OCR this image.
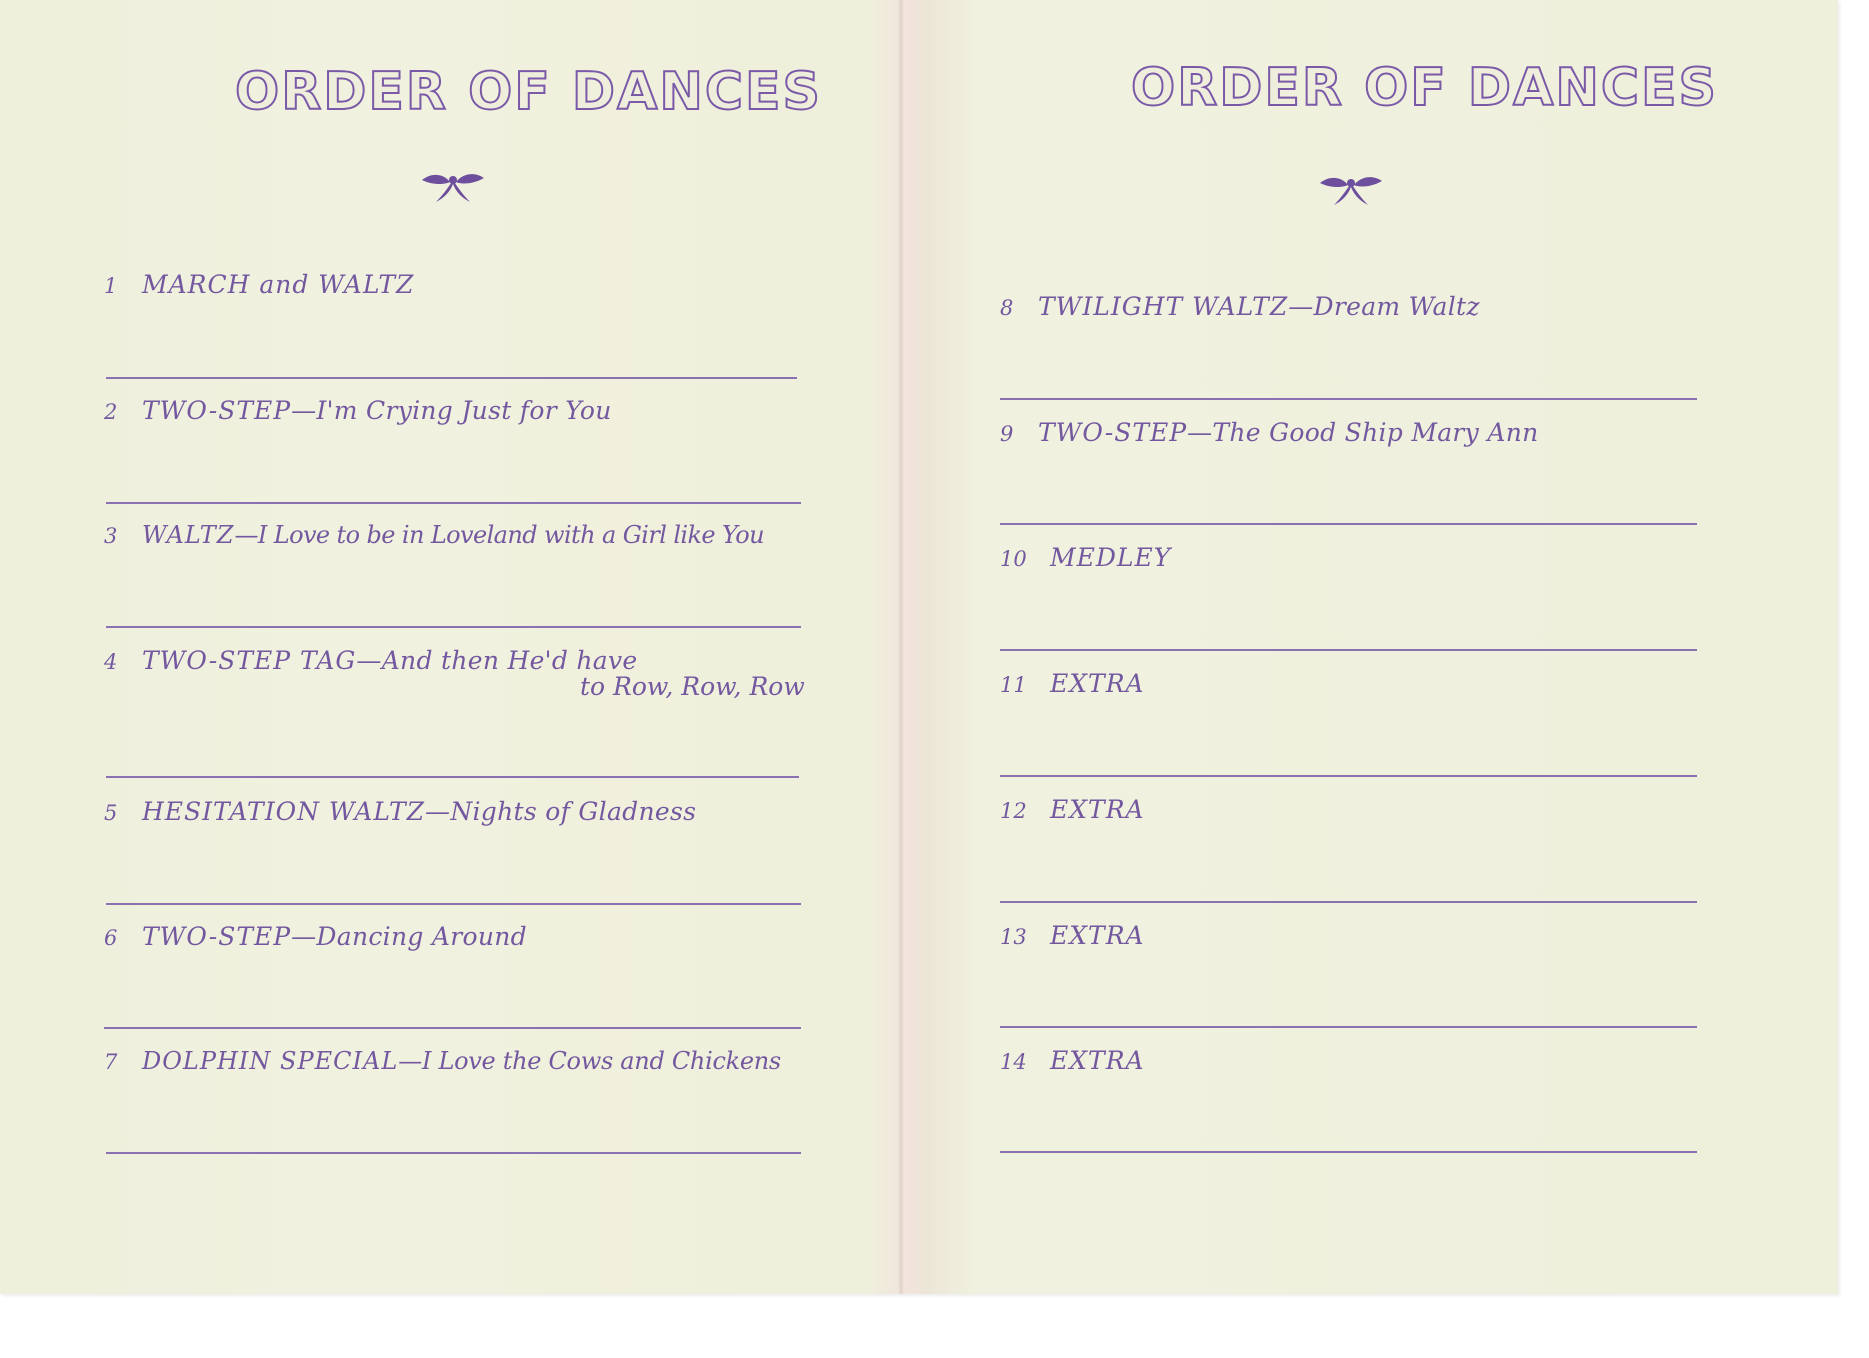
ORDER OF DANCES
1 MARCH and WALTZ
2 TWO-STEP—I'm Crying Just for You
3 WALTZ—I Love to be in Loveland with a Girl like You
4 TWO-STEP TAG—And then He'd have
to Row, Row, Row
5 HESITATION WALTZ—Nights of Gladness
6 TWO-STEP—Dancing Around
7 DOLPHIN SPECIAL—I Love the Cows and Chickens
ORDER OF DANCES
8 TWILIGHT WALTZ—Dream Waltz
9 TWO-STEP—The Good Ship Mary Ann
10 MEDLEY
11 EXTRA
12 EXTRA
13 EXTRA
14 EXTRA
